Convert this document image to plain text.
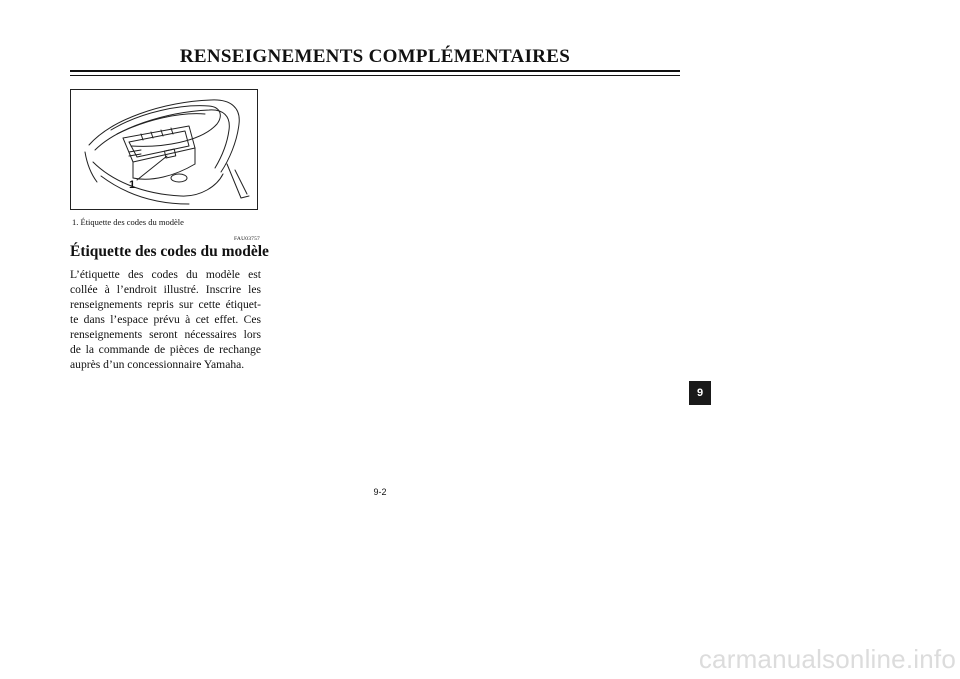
RENSEIGNEMENTS COMPLÉMENTAIRES
1
1. Étiquette des codes du modèle
FAU03757
Étiquette des codes du modèle
L’étiquette des codes du modèle est
collée à l’endroit illustré. Inscrire les
renseignements repris sur cette étiquet-
te dans l’espace prévu à cet effet. Ces
renseignements seront nécessaires lors
de la commande de pièces de rechange
auprès d’un concessionnaire Yamaha.
9
9-2
carmanualsonline.info
